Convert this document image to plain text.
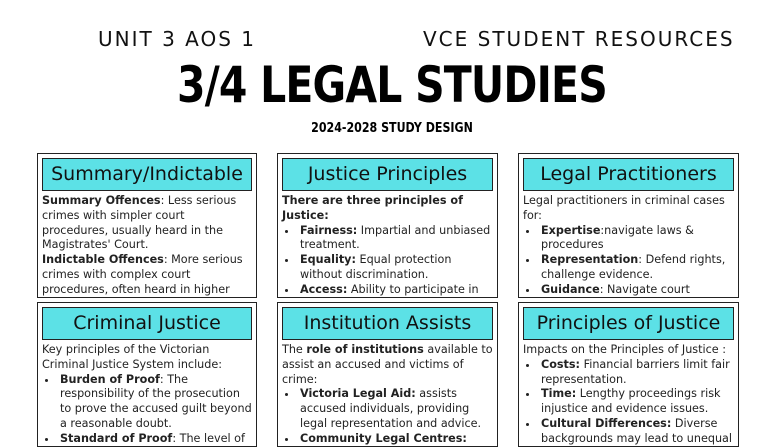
UNIT 3 AOS 1	VCE STUDENT RESOURCES
3/4 LEGAL STUDIES
2024-2028 STUDY DESIGN
Summary/Indictable

Summary Offences: Less serious crimes with simpler court procedures, usually heard in the Magistrates' Court.

Indictable Offences: More serious crimes with complex court procedures, often heard in higher

Justice Principles

There are three principles of Justice:

• Fairness: Impartial and unbiased treatment.
• Equality: Equal protection without discrimination.
• Access: Ability to participate in
Legal Practitioners

Legal practitioners in criminal cases for:

• Expertise:navigate laws & procedures
• Representation: Defend rights, challenge evidence.
• Guidance: Navigate court
Criminal Justice

Key principles of the Victorian Criminal Justice System include:

• Burden of Proof: The responsibility of the prosecution to prove the accused guilt beyond a reasonable doubt.
• Standard of Proof: The level of
Institution Assists

The role of institutions available to assist an accused and victims of crime:

• Victoria Legal Aid: assists accused individuals, providing legal representation and advice.
• Community Legal Centres:
Principles of Justice

Impacts on the Principles of Justice :

• Costs: Financial barriers limit fair representation.
• Time: Lengthy proceedings risk injustice and evidence issues.
• Cultural Differences: Diverse backgrounds may lead to unequal
